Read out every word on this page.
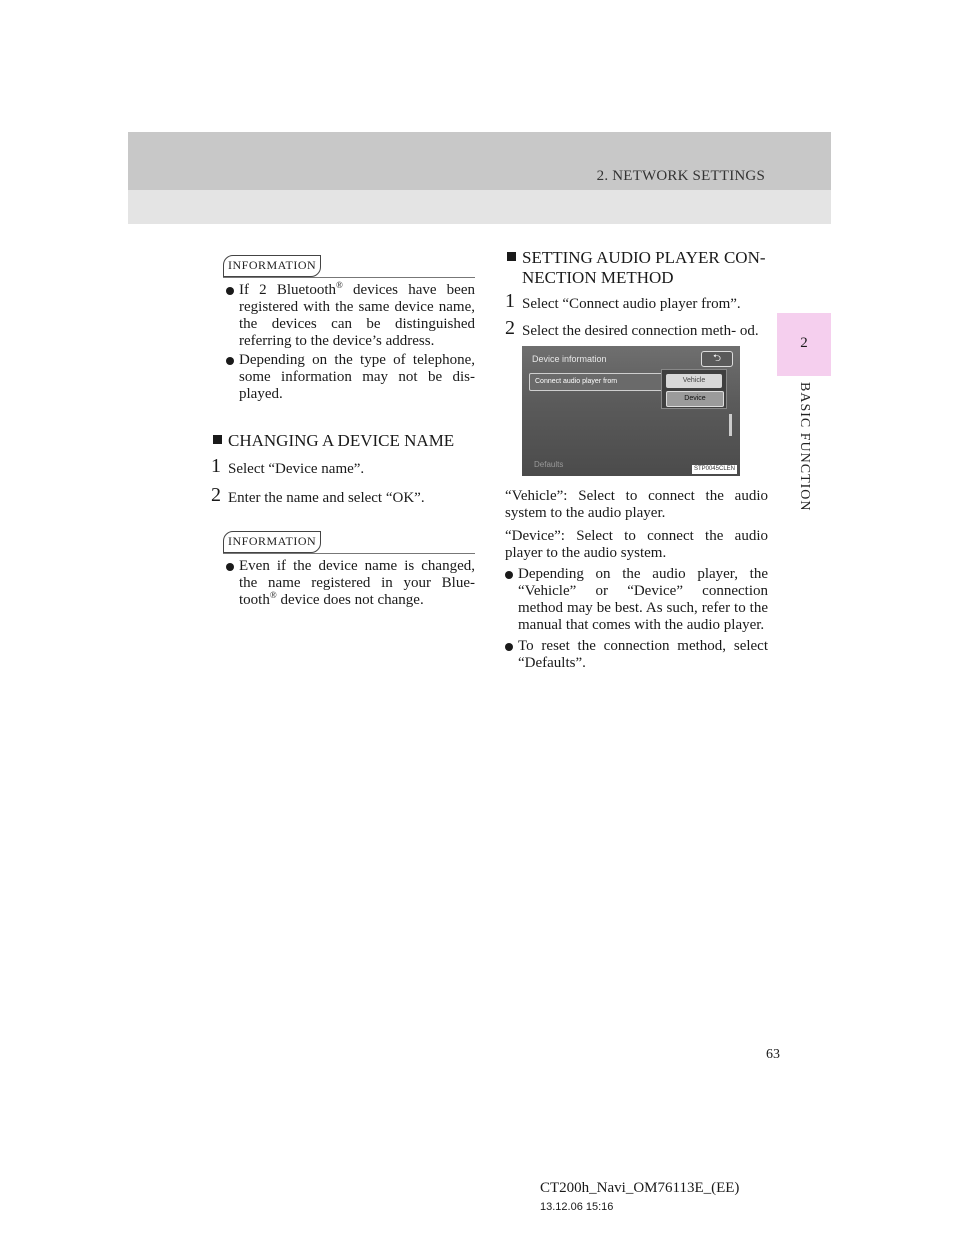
2. NETWORK SETTINGS
2
BASIC FUNCTION
INFORMATION
If 2 Bluetooth® devices have been registered with the same device name, the devices can be distinguished referring to the device’s address.
Depending on the type of telephone, some information may not be dis- played.
CHANGING A DEVICE NAME
1 Select “Device name”.
2 Enter the name and select “OK”.
INFORMATION
Even if the device name is changed, the name registered in your Blue- tooth® device does not change.
SETTING AUDIO PLAYER CON- NECTION METHOD
1 Select “Connect audio player from”.
2 Select the desired connection meth- od.
Device information	⮌
Connect audio player from	Vehicle
Device
Defaults	STP0045CLEN
“Vehicle”: Select to connect the audio system to the audio player.
“Device”: Select to connect the audio player to the audio system.
Depending on the audio player, the “Vehicle” or “Device” connection method may be best. As such, refer to the manual that comes with the audio player.
To reset the connection method, select “Defaults”.
63
CT200h_Navi_OM76113E_(EE)
13.12.06 15:16
